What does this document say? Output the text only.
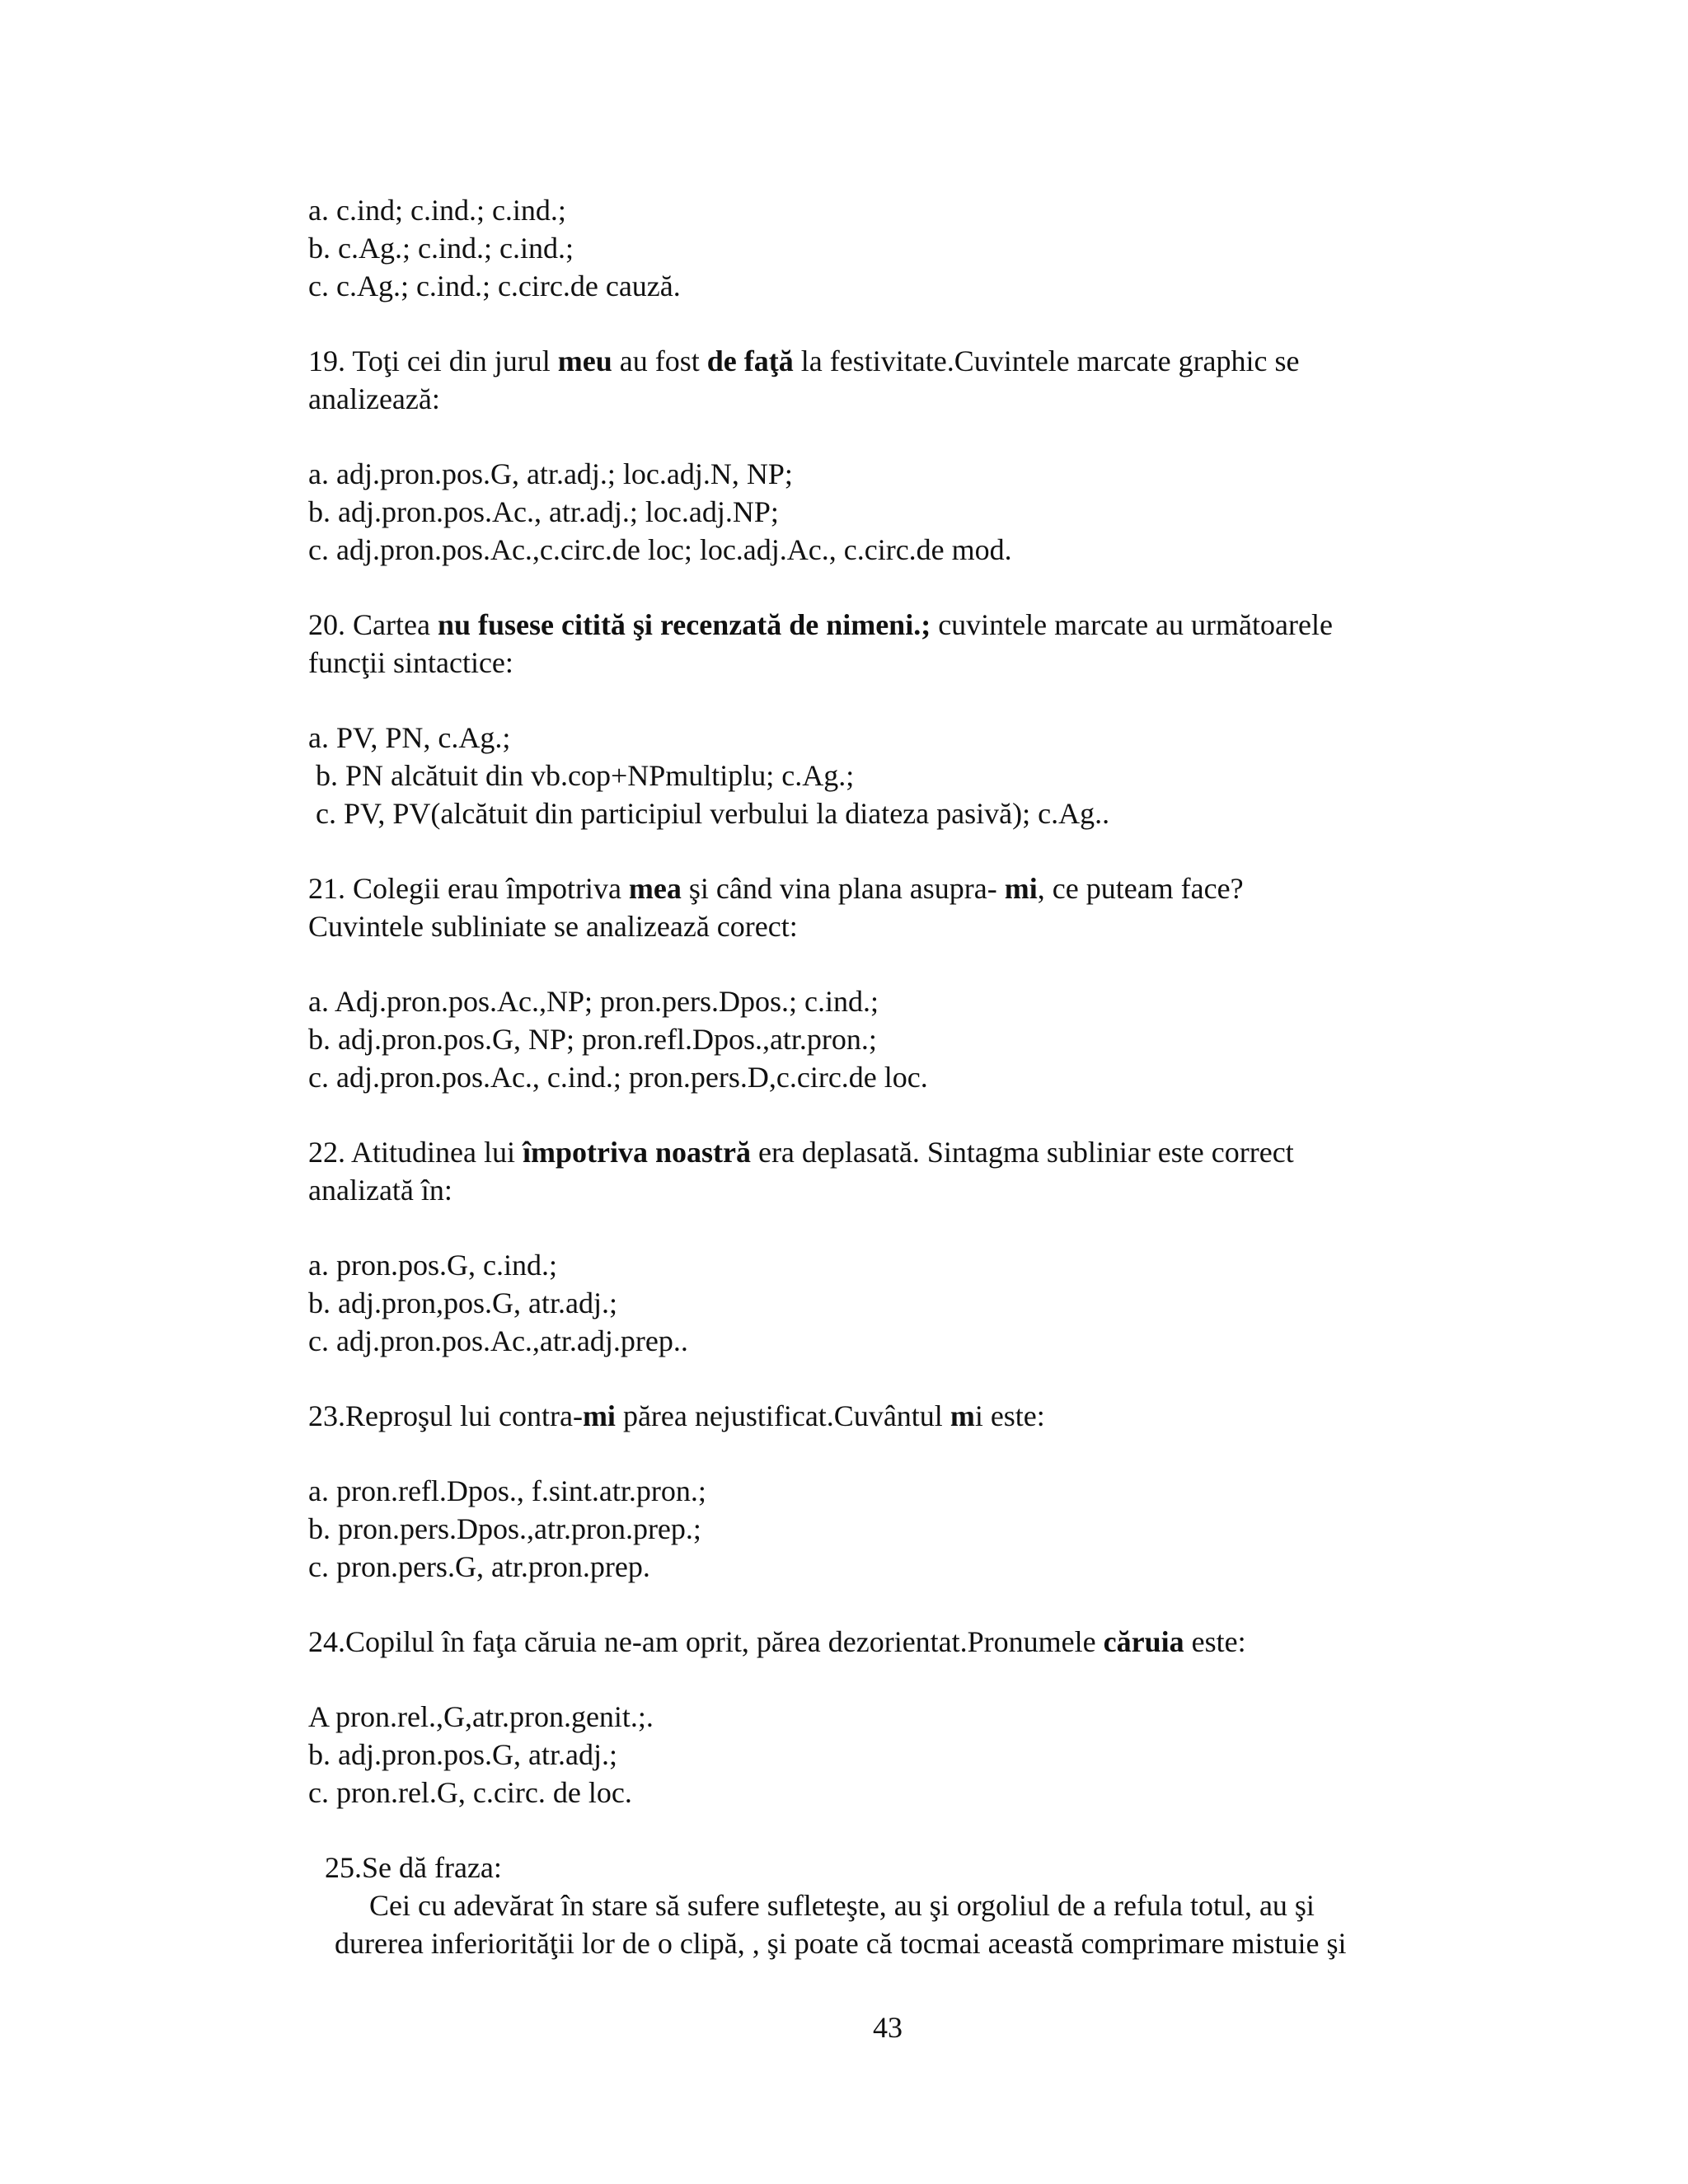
a. c.ind; c.ind.; c.ind.;

b. c.Ag.; c.ind.; c.ind.;

c. c.Ag.; c.ind.; c.circ.de cauză.

19. Toţi cei din jurul meu au fost de faţă la festivitate.Cuvintele marcate graphic se

analizează:

a. adj.pron.pos.G, atr.adj.; loc.adj.N, NP;

b. adj.pron.pos.Ac., atr.adj.; loc.adj.NP;

c. adj.pron.pos.Ac.,c.circ.de loc; loc.adj.Ac., c.circ.de mod.

20. Cartea nu fusese citită şi recenzată de nimeni.; cuvintele marcate au următoarele

funcţii sintactice:

a. PV, PN, c.Ag.;

b. PN alcătuit din vb.cop+NPmultiplu; c.Ag.;

c. PV, PV(alcătuit din participiul verbului la diateza pasivă); c.Ag..

21. Colegii erau împotriva mea şi când vina plana asupra- mi, ce puteam face?

Cuvintele subliniate se analizează corect:

a. Adj.pron.pos.Ac.,NP; pron.pers.Dpos.; c.ind.;

b. adj.pron.pos.G, NP; pron.refl.Dpos.,atr.pron.;

c. adj.pron.pos.Ac., c.ind.; pron.pers.D,c.circ.de loc.

22. Atitudinea lui împotriva noastră era deplasată. Sintagma subliniar este correct

analizată în:

a. pron.pos.G, c.ind.;

b. adj.pron,pos.G, atr.adj.;

c. adj.pron.pos.Ac.,atr.adj.prep..

23.Reproşul lui contra-mi părea nejustificat.Cuvântul mi este:

a. pron.refl.Dpos., f.sint.atr.pron.;

b. pron.pers.Dpos.,atr.pron.prep.;

c. pron.pers.G, atr.pron.prep.

24.Copilul în faţa căruia ne-am oprit, părea dezorientat.Pronumele căruia este:

A pron.rel.,G,atr.pron.genit.;.

b. adj.pron.pos.G, atr.adj.;

c. pron.rel.G, c.circ. de loc.

25.Se dă fraza:

Cei cu adevărat în stare să sufere sufleteşte, au şi orgoliul de a refula totul, au şi

durerea inferiorităţii lor de o clipă, , şi poate că tocmai această comprimare mistuie şi

43
